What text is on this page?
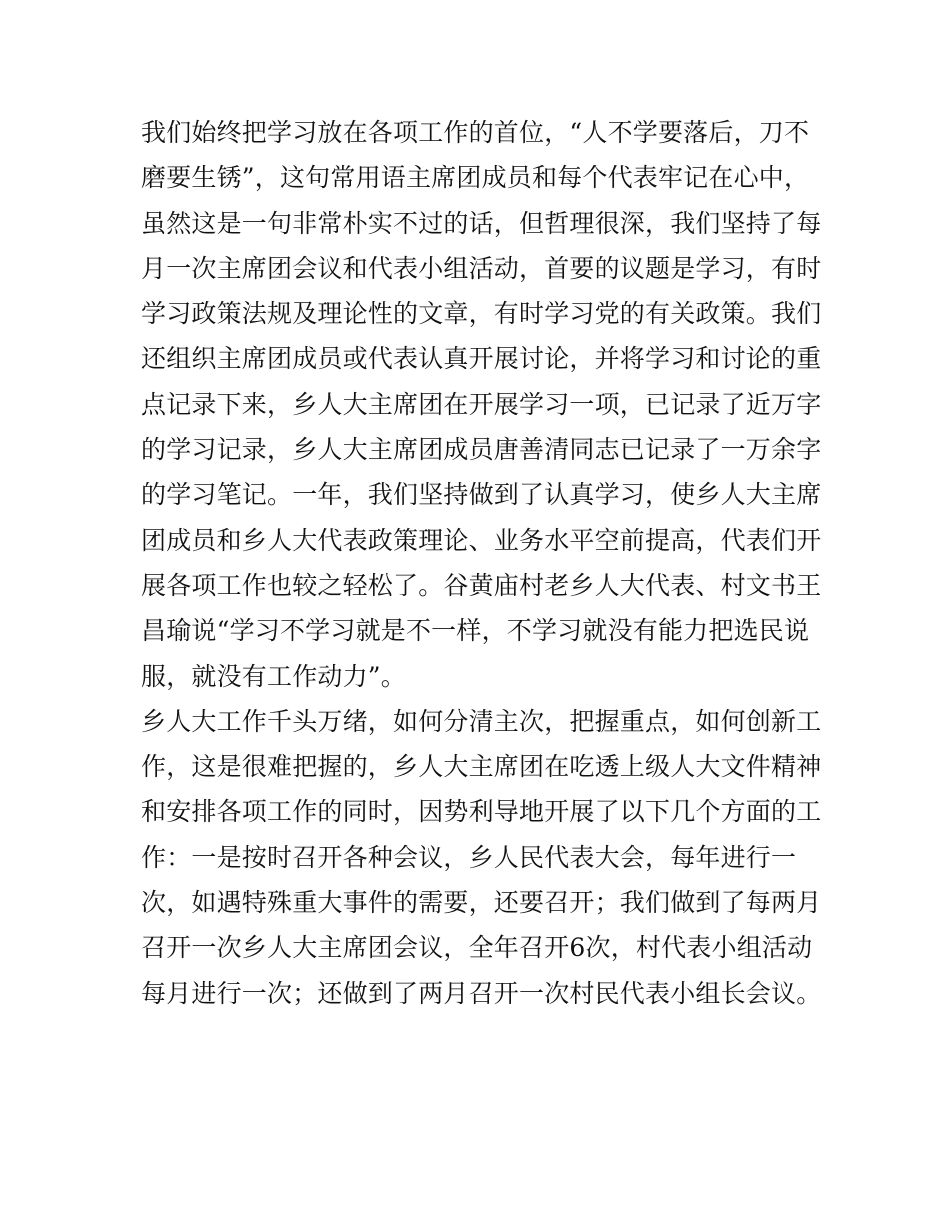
我们始终把学习放在各项工作的首位，“人不学要落后，刀不
磨要生锈”，这句常用语主席团成员和每个代表牢记在心中，
虽然这是一句非常朴实不过的话，但哲理很深，我们坚持了每
月一次主席团会议和代表小组活动，首要的议题是学习，有时
学习政策法规及理论性的文章，有时学习党的有关政策。我们
还组织主席团成员或代表认真开展讨论，并将学习和讨论的重
点记录下来，乡人大主席团在开展学习一项，已记录了近万字
的学习记录，乡人大主席团成员唐善清同志已记录了一万余字
的学习笔记。一年，我们坚持做到了认真学习，使乡人大主席
团成员和乡人大代表政策理论、业务水平空前提高，代表们开
展各项工作也较之轻松了。谷黄庙村老乡人大代表、村文书王
昌瑜说“学习不学习就是不一样，不学习就没有能力把选民说
服，就没有工作动力”。
乡人大工作千头万绪，如何分清主次，把握重点，如何创新工
作，这是很难把握的，乡人大主席团在吃透上级人大文件精神
和安排各项工作的同时，因势利导地开展了以下几个方面的工
作：一是按时召开各种会议，乡人民代表大会，每年进行一
次，如遇特殊重大事件的需要，还要召开；我们做到了每两月
召开一次乡人大主席团会议，全年召开6次，村代表小组活动
每月进行一次；还做到了两月召开一次村民代表小组长会议。
